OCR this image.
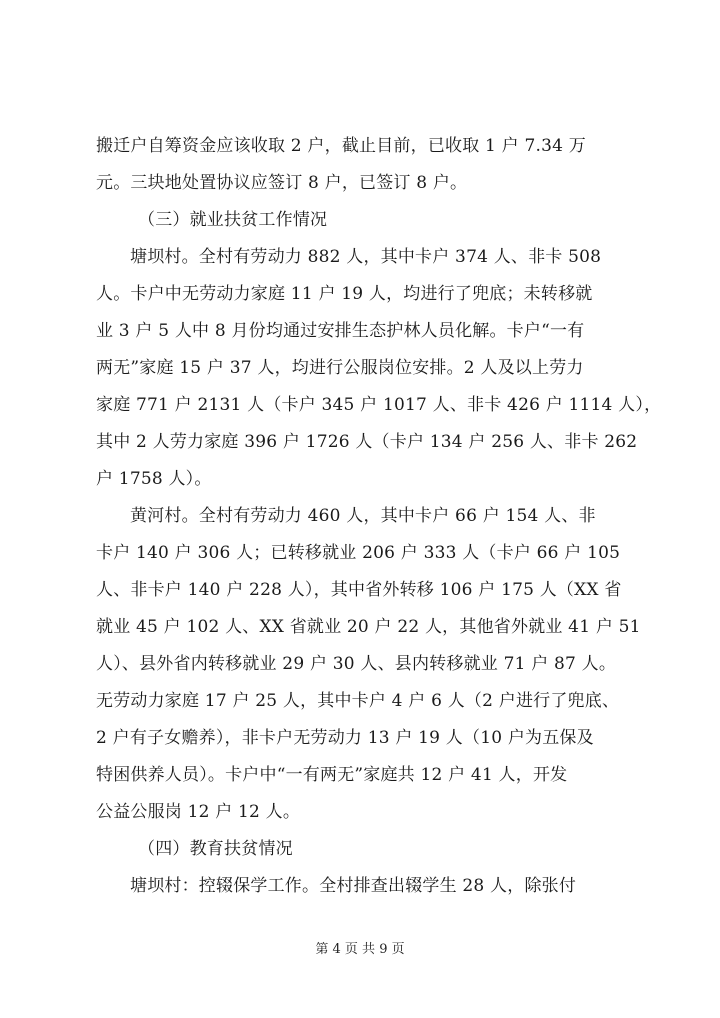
搬迁户自筹资金应该收取 2 户，截止目前，已收取 1 户 7.34 万
元。三块地处置协议应签订 8 户，已签订 8 户。
（三）就业扶贫工作情况
塘坝村。全村有劳动力 882 人，其中卡户 374 人、非卡 508
人。卡户中无劳动力家庭 11 户 19 人，均进行了兜底；未转移就
业 3 户 5 人中 8 月份均通过安排生态护林人员化解。卡户“一有
两无”家庭 15 户 37 人，均进行公服岗位安排。2 人及以上劳力
家庭 771 户 2131 人（卡户 345 户 1017 人、非卡 426 户 1114 人），
其中 2 人劳力家庭 396 户 1726 人（卡户 134 户 256 人、非卡 262
户 1758 人）。
黄河村。全村有劳动力 460 人，其中卡户 66 户 154 人、非
卡户 140 户 306 人；已转移就业 206 户 333 人（卡户 66 户 105
人、非卡户 140 户 228 人），其中省外转移 106 户 175 人（XX 省
就业 45 户 102 人、XX 省就业 20 户 22 人，其他省外就业 41 户 51
人）、县外省内转移就业 29 户 30 人、县内转移就业 71 户 87 人。
无劳动力家庭 17 户 25 人，其中卡户 4 户 6 人（2 户进行了兜底、
2 户有子女赡养），非卡户无劳动力 13 户 19 人（10 户为五保及
特困供养人员）。卡户中“一有两无”家庭共 12 户 41 人，开发
公益公服岗 12 户 12 人。
（四）教育扶贫情况
塘坝村：控辍保学工作。全村排查出辍学生 28 人，除张付
第 4 页 共 9 页
